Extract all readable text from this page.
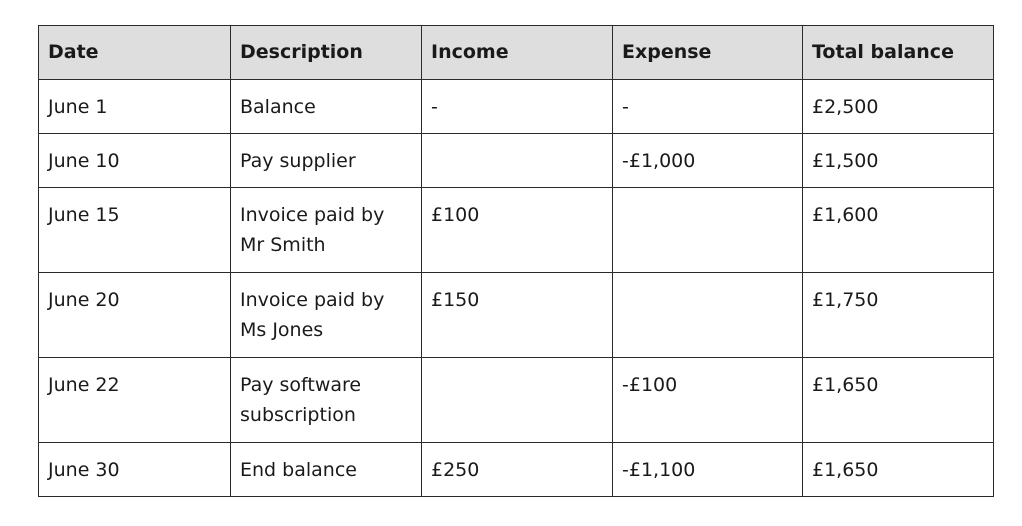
Date	Description	Income	Expense	Total balance
June 1	Balance	-	-	£2,500
June 10	Pay supplier		-£1,000	£1,500
June 15	Invoice paid by Mr Smith	£100		£1,600
June 20	Invoice paid by Ms Jones	£150		£1,750
June 22	Pay software subscription		-£100	£1,650
June 30	End balance	£250	-£1,100	£1,650
